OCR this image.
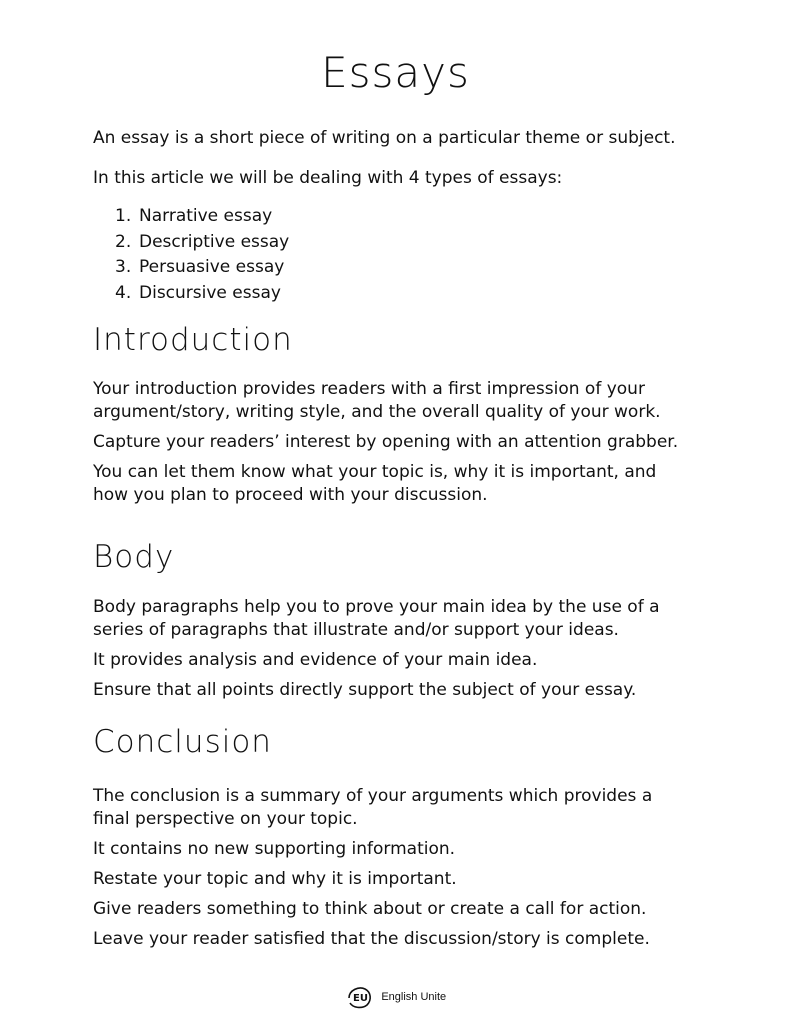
Essays

An essay is a short piece of writing on a particular theme or subject.

In this article we will be dealing with 4 types of essays:

1. Narrative essay
2. Descriptive essay
3. Persuasive essay
4. Discursive essay
Introduction

Your introduction provides readers with a first impression of your

argument/story, writing style, and the overall quality of your work.

Capture your readers’ interest by opening with an attention grabber.

You can let them know what your topic is, why it is important, and

how you plan to proceed with your discussion.

Body

Body paragraphs help you to prove your main idea by the use of a

series of paragraphs that illustrate and/or support your ideas.

It provides analysis and evidence of your main idea.

Ensure that all points directly support the subject of your essay.

Conclusion

The conclusion is a summary of your arguments which provides a

final perspective on your topic.

It contains no new supporting information.

Restate your topic and why it is important.

Give readers something to think about or create a call for action.

Leave your reader satisfied that the discussion/story is complete.

EU English Unite
